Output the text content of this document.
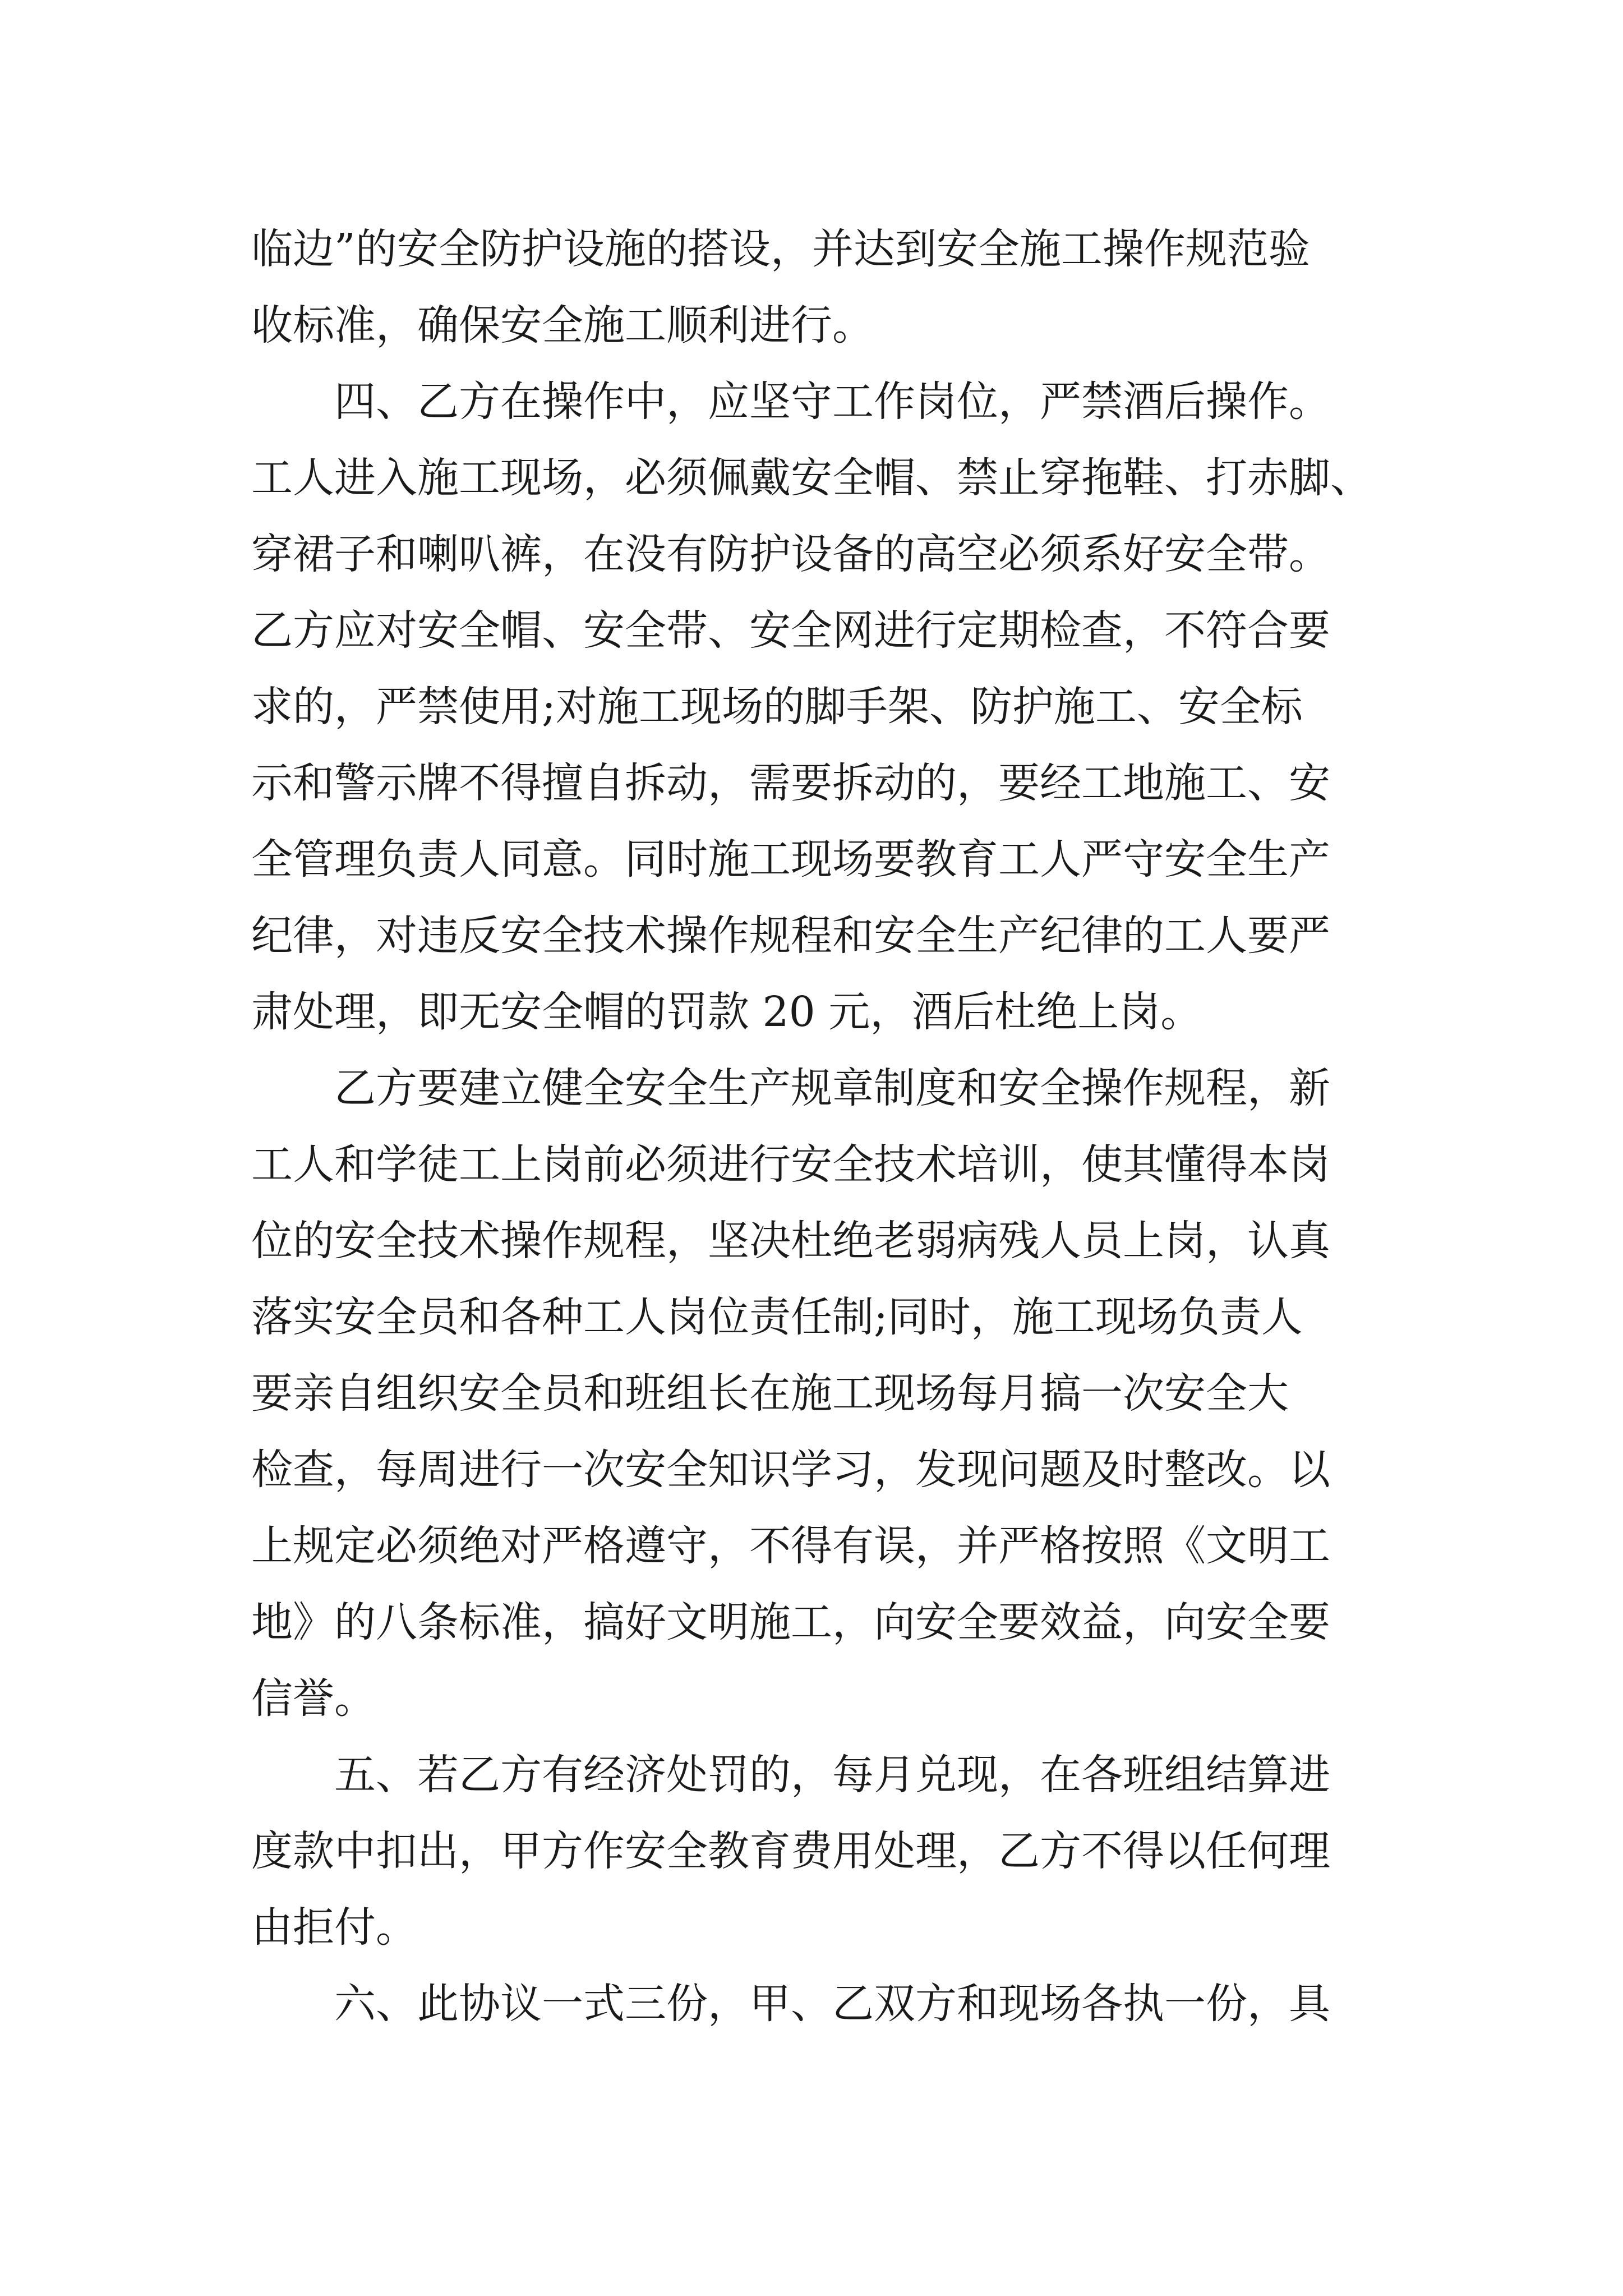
临边”的安全防护设施的搭设，并达到安全施工操作规范验
收标准，确保安全施工顺利进行。
四、乙方在操作中，应坚守工作岗位，严禁酒后操作。
工人进入施工现场，必须佩戴安全帽、禁止穿拖鞋、打赤脚、
穿裙子和喇叭裤，在没有防护设备的高空必须系好安全带。
乙方应对安全帽、安全带、安全网进行定期检查，不符合要
求的，严禁使用;对施工现场的脚手架、防护施工、安全标
示和警示牌不得擅自拆动，需要拆动的，要经工地施工、安
全管理负责人同意。同时施工现场要教育工人严守安全生产
纪律，对违反安全技术操作规程和安全生产纪律的工人要严
肃处理，即无安全帽的罚款 20 元，酒后杜绝上岗。
乙方要建立健全安全生产规章制度和安全操作规程，新
工人和学徒工上岗前必须进行安全技术培训，使其懂得本岗
位的安全技术操作规程，坚决杜绝老弱病残人员上岗，认真
落实安全员和各种工人岗位责任制;同时，施工现场负责人
要亲自组织安全员和班组长在施工现场每月搞一次安全大
检查，每周进行一次安全知识学习，发现问题及时整改。以
上规定必须绝对严格遵守，不得有误，并严格按照《文明工
地》的八条标准，搞好文明施工，向安全要效益，向安全要
信誉。
五、若乙方有经济处罚的，每月兑现，在各班组结算进
度款中扣出，甲方作安全教育费用处理，乙方不得以任何理
由拒付。
六、此协议一式三份，甲、乙双方和现场各执一份，具
